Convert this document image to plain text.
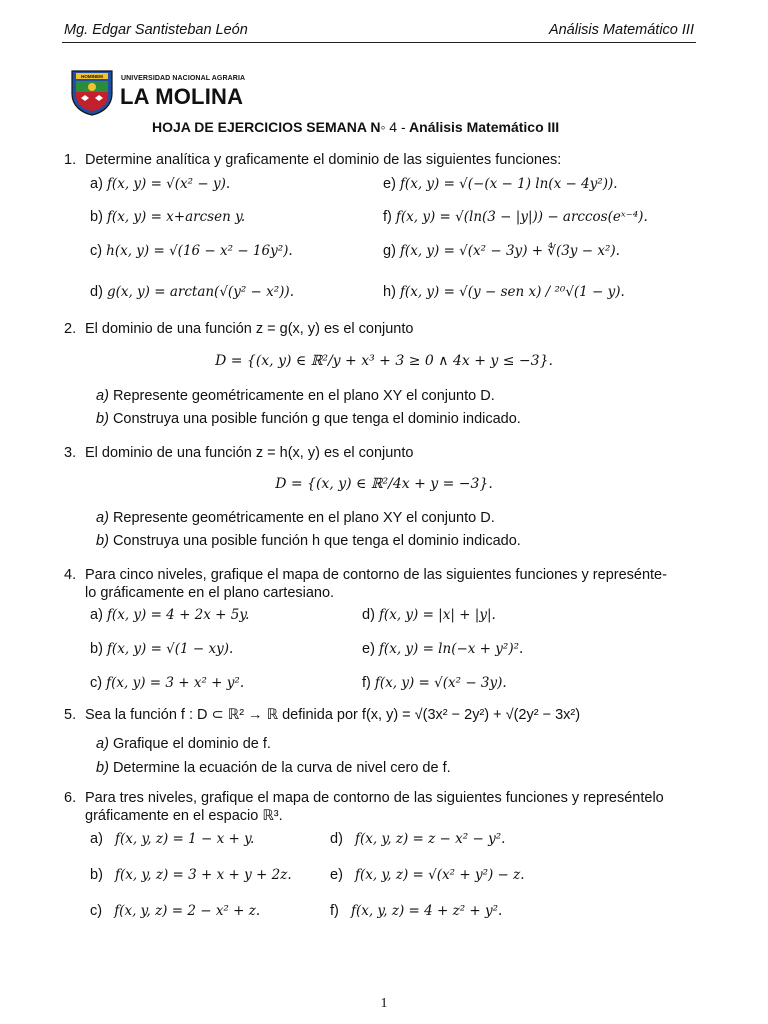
Mg. Edgar Santisteban León	Análisis Matemático III
HOMINEM	UNIVERSIDAD NACIONAL AGRARIA
LA MOLINA
HOJA DE EJERCICIOS SEMANA N◦ 4 - Análisis Matemático III
1. Determine analítica y graficamente el dominio de las siguientes funciones:
a) f(x, y) = √(x² − y).	e) f(x, y) = √(−(x − 1) ln(x − 4y²)).
b) f(x, y) = x+arcsen y.	f) f(x, y) = √(ln(3 − |y|)) − arccos(eˣ⁻⁴).
c) h(x, y) = √(16 − x² − 16y²).	g) f(x, y) = √(x² − 3y) + ∜(3y − x²).
d) g(x, y) = arctan(√(y² − x²)).	h) f(x, y) = √(y − sen x) / ²⁰√(1 − y).
2. El dominio de una función z = g(x, y) es el conjunto
D = {(x, y) ∈ ℝ²/y + x³ + 3 ≥ 0 ∧ 4x + y ≤ −3}.
a) Represente geométricamente en el plano XY el conjunto D.
b) Construya una posible función g que tenga el dominio indicado.
3. El dominio de una función z = h(x, y) es el conjunto
D = {(x, y) ∈ ℝ²/4x + y = −3}.
a) Represente geométricamente en el plano XY el conjunto D.
b) Construya una posible función h que tenga el dominio indicado.
4. Para cinco niveles, grafique el mapa de contorno de las siguientes funciones y represénte-
lo gráficamente en el plano cartesiano.
a) f(x, y) = 4 + 2x + 5y.	d) f(x, y) = |x| + |y|.
b) f(x, y) = √(1 − xy).	e) f(x, y) = ln(−x + y²)².
c) f(x, y) = 3 + x² + y².	f) f(x, y) = √(x² − 3y).
5. Sea la función f : D ⊂ ℝ² → ℝ definida por f(x, y) = √(3x² − 2y²) + √(2y² − 3x²)
a) Grafique el dominio de f.
b) Determine la ecuación de la curva de nivel cero de f.
6. Para tres niveles, grafique el mapa de contorno de las siguientes funciones y represéntelo
gráficamente en el espacio ℝ³.
a) f(x, y, z) = 1 − x + y.	d) f(x, y, z) = z − x² − y².
b) f(x, y, z) = 3 + x + y + 2z.	e) f(x, y, z) = √(x² + y²) − z.
c) f(x, y, z) = 2 − x² + z.	f) f(x, y, z) = 4 + z² + y².
1
